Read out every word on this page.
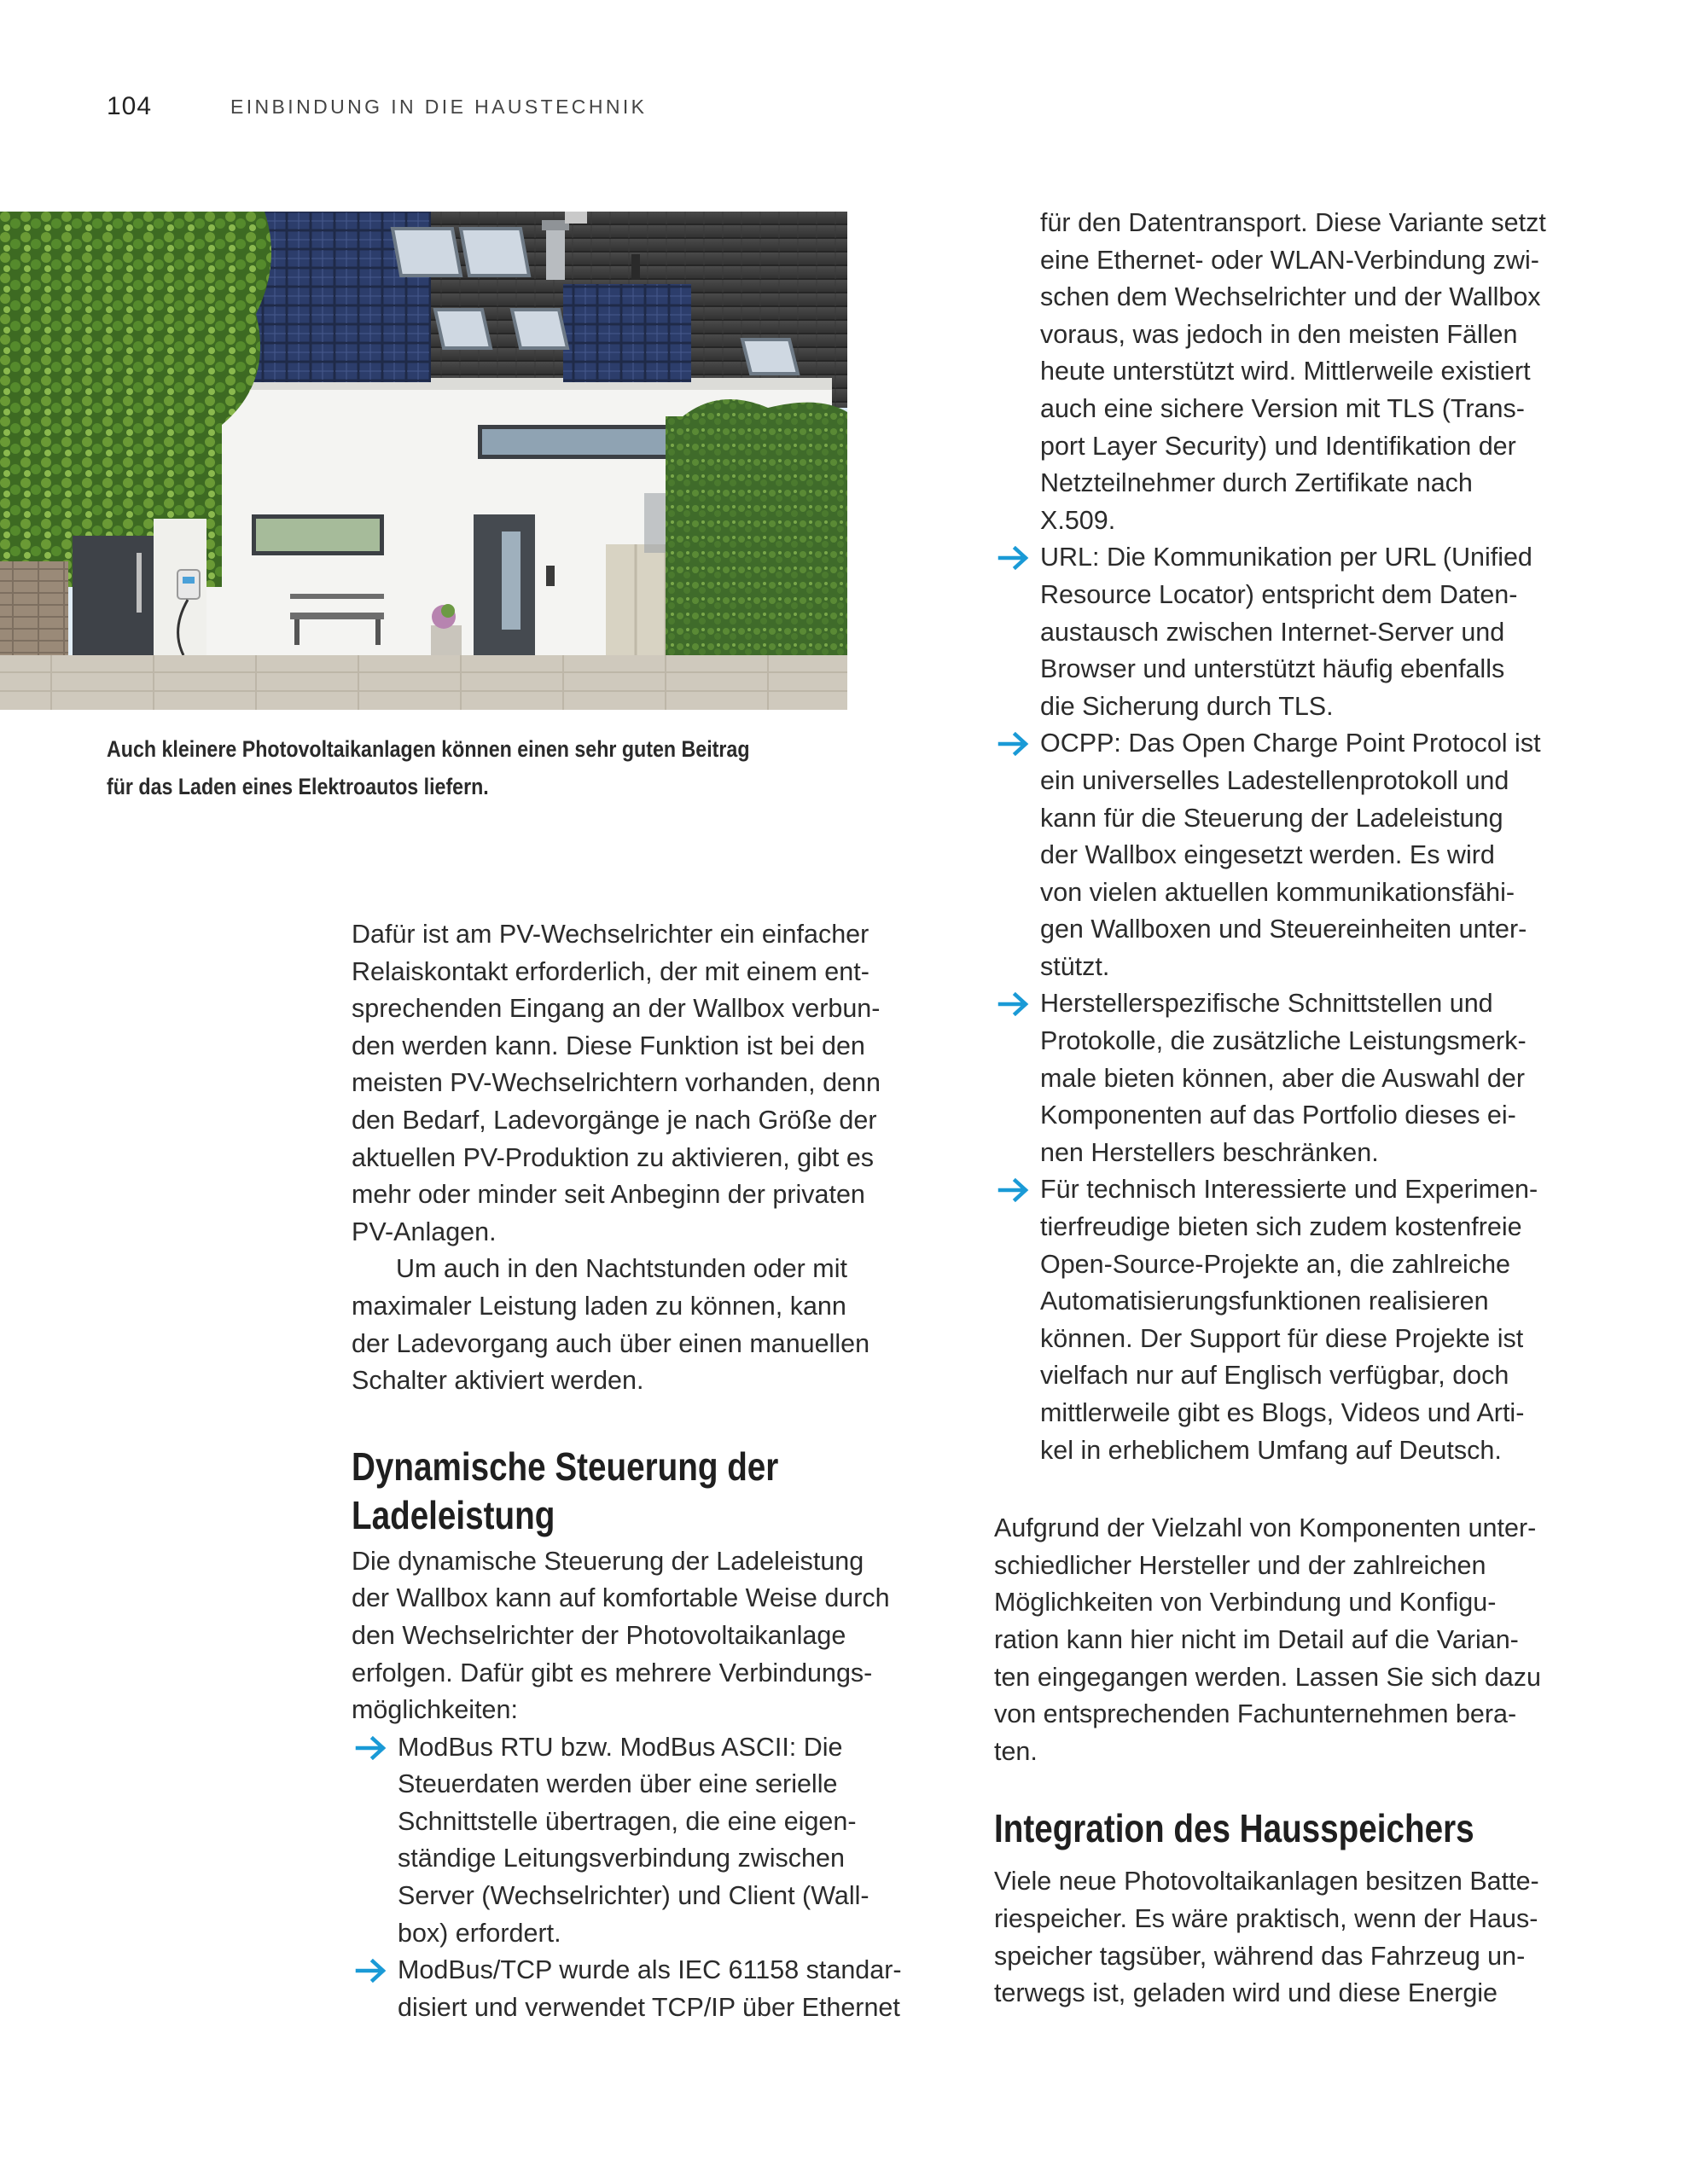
104	EINBINDUNG IN DIE HAUSTECHNIK
Auch kleinere Photovoltaikanlagen können einen sehr guten Beitrag
für das Laden eines Elektroautos liefern.

Dafür ist am PV-Wechselrichter ein einfacher
Relaiskontakt erforderlich, der mit einem ent-
sprechenden Eingang an der Wallbox verbun-
den werden kann. Diese Funktion ist bei den
meisten PV-Wechselrichtern vorhanden, denn
den Bedarf, Ladevorgänge je nach Größe der
aktuellen PV-Produktion zu aktivieren, gibt es
mehr oder minder seit Anbeginn der privaten
PV-Anlagen.

Um auch in den Nachtstunden oder mit
maximaler Leistung laden zu können, kann
der Ladevorgang auch über einen manuellen
Schalter aktiviert werden.

Dynamische Steuerung der
Ladeleistung

Die dynamische Steuerung der Ladeleistung
der Wallbox kann auf komfortable Weise durch
den Wechselrichter der Photovoltaikanlage
erfolgen. Dafür gibt es mehrere Verbindungs-
möglichkeiten:

ModBus RTU bzw. ModBus ASCII: Die
Steuerdaten werden über eine serielle
Schnittstelle übertragen, die eine eigen-
ständige Leitungsverbindung zwischen
Server (Wechselrichter) und Client (Wall-
box) erfordert.
ModBus/TCP wurde als IEC 61158 standar-
disiert und verwendet TCP/IP über Ethernet
für den Datentransport. Diese Variante setzt
eine Ethernet- oder WLAN-Verbindung zwi-
schen dem Wechselrichter und der Wallbox
voraus, was jedoch in den meisten Fällen
heute unterstützt wird. Mittlerweile existiert
auch eine sichere Version mit TLS (Trans-
port Layer Security) und Identifikation der
Netzteilnehmer durch Zertifikate nach
X.509.
URL: Die Kommunikation per URL (Unified
Resource Locator) entspricht dem Daten-
austausch zwischen Internet-Server und
Browser und unterstützt häufig ebenfalls
die Sicherung durch TLS.
OCPP: Das Open Charge Point Protocol ist
ein universelles Ladestellenprotokoll und
kann für die Steuerung der Ladeleistung
der Wallbox eingesetzt werden. Es wird
von vielen aktuellen kommunikationsfähi-
gen Wallboxen und Steuereinheiten unter-
stützt.
Herstellerspezifische Schnittstellen und
Protokolle, die zusätzliche Leistungsmerk-
male bieten können, aber die Auswahl der
Komponenten auf das Portfolio dieses ei-
nen Herstellers beschränken.
Für technisch Interessierte und Experimen-
tierfreudige bieten sich zudem kostenfreie
Open-Source-Projekte an, die zahlreiche
Automatisierungsfunktionen realisieren
können. Der Support für diese Projekte ist
vielfach nur auf Englisch verfügbar, doch
mittlerweile gibt es Blogs, Videos und Arti-
kel in erheblichem Umfang auf Deutsch.

Aufgrund der Vielzahl von Komponenten unter-
schiedlicher Hersteller und der zahlreichen
Möglichkeiten von Verbindung und Konfigu-
ration kann hier nicht im Detail auf die Varian-
ten eingegangen werden. Lassen Sie sich dazu
von entsprechenden Fachunternehmen bera-
ten.

Integration des Hausspeichers

Viele neue Photovoltaikanlagen besitzen Batte-
riespeicher. Es wäre praktisch, wenn der Haus-
speicher tagsüber, während das Fahrzeug un-
terwegs ist, geladen wird und diese Energie
